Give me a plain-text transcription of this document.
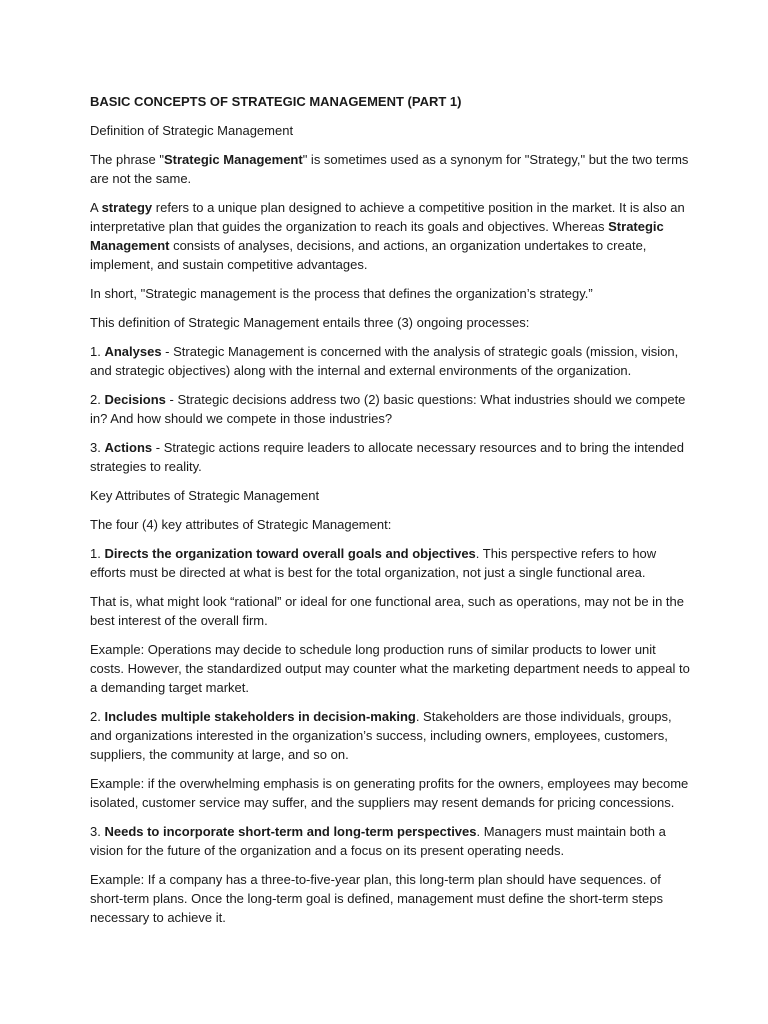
BASIC CONCEPTS OF STRATEGIC MANAGEMENT (PART 1)

Definition of Strategic Management

The phrase "Strategic Management" is sometimes used as a synonym for "Strategy," but the two terms are not the same.

A strategy refers to a unique plan designed to achieve a competitive position in the market. It is also an interpretative plan that guides the organization to reach its goals and objectives. Whereas Strategic Management consists of analyses, decisions, and actions, an organization undertakes to create, implement, and sustain competitive advantages.

In short, "Strategic management is the process that defines the organization’s strategy.”

This definition of Strategic Management entails three (3) ongoing processes:

1. Analyses - Strategic Management is concerned with the analysis of strategic goals (mission, vision, and strategic objectives) along with the internal and external environments of the organization.

2. Decisions - Strategic decisions address two (2) basic questions: What industries should we compete in? And how should we compete in those industries?

3. Actions - Strategic actions require leaders to allocate necessary resources and to bring the intended strategies to reality.

Key Attributes of Strategic Management

The four (4) key attributes of Strategic Management:

1. Directs the organization toward overall goals and objectives. This perspective refers to how efforts must be directed at what is best for the total organization, not just a single functional area.

That is, what might look “rational” or ideal for one functional area, such as operations, may not be in the best interest of the overall firm.

Example: Operations may decide to schedule long production runs of similar products to lower unit costs. However, the standardized output may counter what the marketing department needs to appeal to a demanding target market.

2. Includes multiple stakeholders in decision-making. Stakeholders are those individuals, groups, and organizations interested in the organization’s success, including owners, employees, customers, suppliers, the community at large, and so on.

Example: if the overwhelming emphasis is on generating profits for the owners, employees may become isolated, customer service may suffer, and the suppliers may resent demands for pricing concessions.

3. Needs to incorporate short-term and long-term perspectives. Managers must maintain both a vision for the future of the organization and a focus on its present operating needs.

Example: If a company has a three-to-five-year plan, this long-term plan should have sequences. of short-term plans. Once the long-term goal is defined, management must define the short-term steps necessary to achieve it.
